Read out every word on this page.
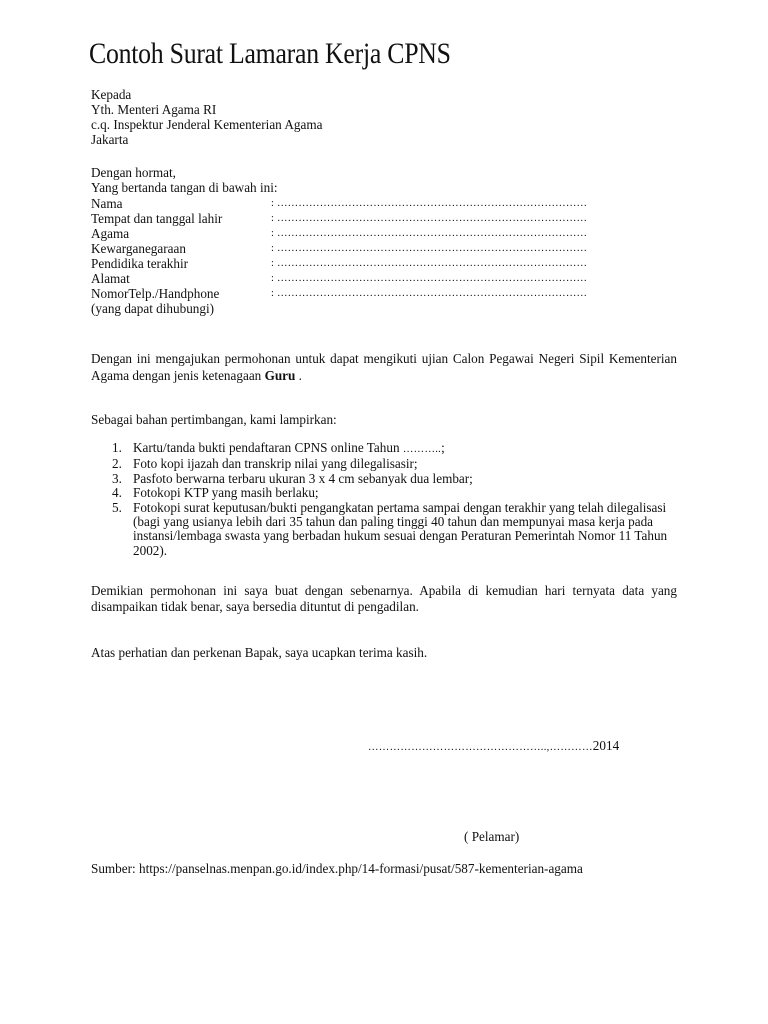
Contoh Surat Lamaran Kerja CPNS
Kepada
Yth. Menteri Agama RI
c.q. Inspektur Jenderal Kementerian Agama
Jakarta
Dengan hormat,
Yang bertanda tangan di bawah ini:
Nama	: ……………………………………………………………………………
Tempat dan tanggal lahir	: ……………………………………………………………………………
Agama	: ……………………………………………………………………………
Kewarganegaraan	: ……………………………………………………………………………
Pendidika terakhir	: ……………………………………………………………………………
Alamat	: ……………………………………………………………………………
NomorTelp./Handphone	: ……………………………………………………………………………
(yang dapat dihubungi)
Dengan ini mengajukan permohonan untuk dapat mengikuti ujian Calon Pegawai Negeri Sipil Kementerian Agama dengan jenis ketenagaan Guru .
Sebagai bahan pertimbangan, kami lampirkan:
1. Kartu/tanda bukti pendaftaran CPNS online Tahun ………..;
2. Foto kopi ijazah dan transkrip nilai yang dilegalisasir;
3. Pasfoto berwarna terbaru ukuran 3 x 4 cm sebanyak dua lembar;
4. Fotokopi KTP yang masih berlaku;
5. Fotokopi surat keputusan/bukti pengangkatan pertama sampai dengan terakhir yang telah dilegalisasi (bagi yang usianya lebih dari 35 tahun dan paling tinggi 40 tahun dan mempunyai masa kerja pada instansi/lembaga swasta yang berbadan hukum sesuai dengan Peraturan Pemerintah Nomor 11 Tahun 2002).
Demikian permohonan ini saya buat dengan sebenarnya. Apabila di kemudian hari ternyata data yang disampaikan tidak benar, saya bersedia dituntut di pengadilan.
Atas perhatian dan perkenan Bapak, saya ucapkan terima kasih.
…………………………………………..,…………2014
( Pelamar)
Sumber: https://panselnas.menpan.go.id/index.php/14-formasi/pusat/587-kementerian-agama
